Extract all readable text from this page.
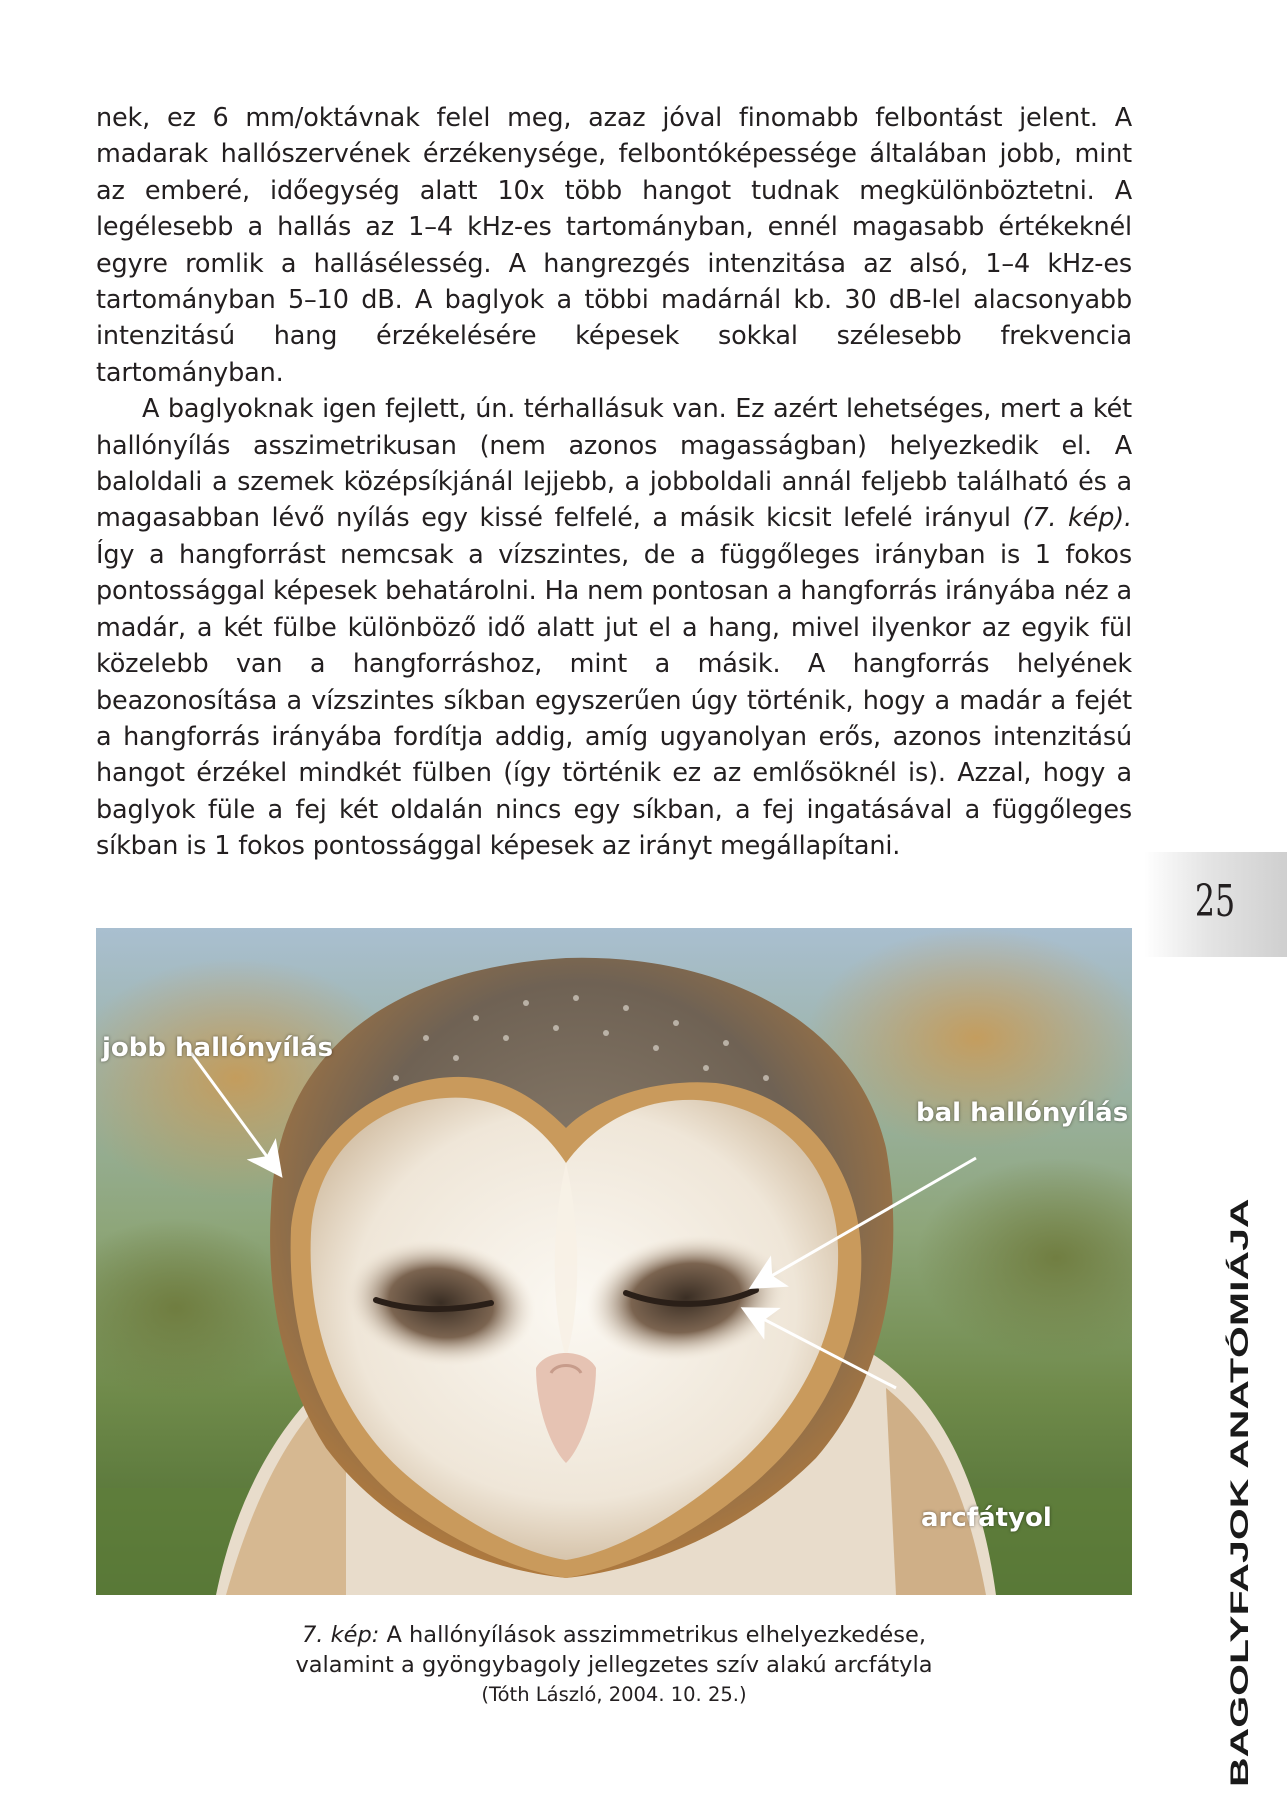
nek, ez 6 mm/oktávnak felel meg, azaz jóval finomabb felbontást jelent. A madarak hallószervének érzékenysége, felbontóképessége általában jobb, mint az emberé, időegység alatt 10x több hangot tudnak megkülönböztetni. A legélesebb a hallás az 1–4 kHz-es tartományban, ennél magasabb értékeknél egyre romlik a hallásélesség. A hangrezgés intenzitása az alsó, 1–4 kHz-es tartományban 5–10 dB. A baglyok a többi madárnál kb. 30 dB-lel alacsonyabb intenzitású hang érzékelésére képesek sokkal szélesebb frekvencia tartományban.

A baglyoknak igen fejlett, ún. térhallásuk van. Ez azért lehetséges, mert a két hallónyílás asszimetrikusan (nem azonos magasságban) helyezkedik el. A baloldali a szemek középsíkjánál lejjebb, a jobboldali annál feljebb található és a magasabban lévő nyílás egy kissé felfelé, a másik kicsit lefelé irányul (7. kép). Így a hangforrást nemcsak a vízszintes, de a függőleges irányban is 1 fokos pontossággal képesek behatárolni. Ha nem pontosan a hangforrás irányába néz a madár, a két fülbe különböző idő alatt jut el a hang, mivel ilyenkor az egyik fül közelebb van a hangforráshoz, mint a másik. A hangforrás helyének beazonosítása a vízszintes síkban egyszerűen úgy történik, hogy a madár a fejét a hangforrás irányába fordítja addig, amíg ugyanolyan erős, azonos intenzitású hangot érzékel mindkét fülben (így történik ez az emlősöknél is). Azzal, hogy a baglyok füle a fej két oldalán nincs egy síkban, a fej ingatásával a függőleges síkban is 1 fokos pontossággal képesek az irányt megállapítani.

25
BAGOLYFAJOK ANATÓMIÁJA
jobb hallónyílás
bal hallónyílás
arcfátyol
7. kép: A hallónyílások asszimmetrikus elhelyezkedése,
valamint a gyöngybagoly jellegzetes szív alakú arcfátyla
(Tóth László, 2004. 10. 25.)
